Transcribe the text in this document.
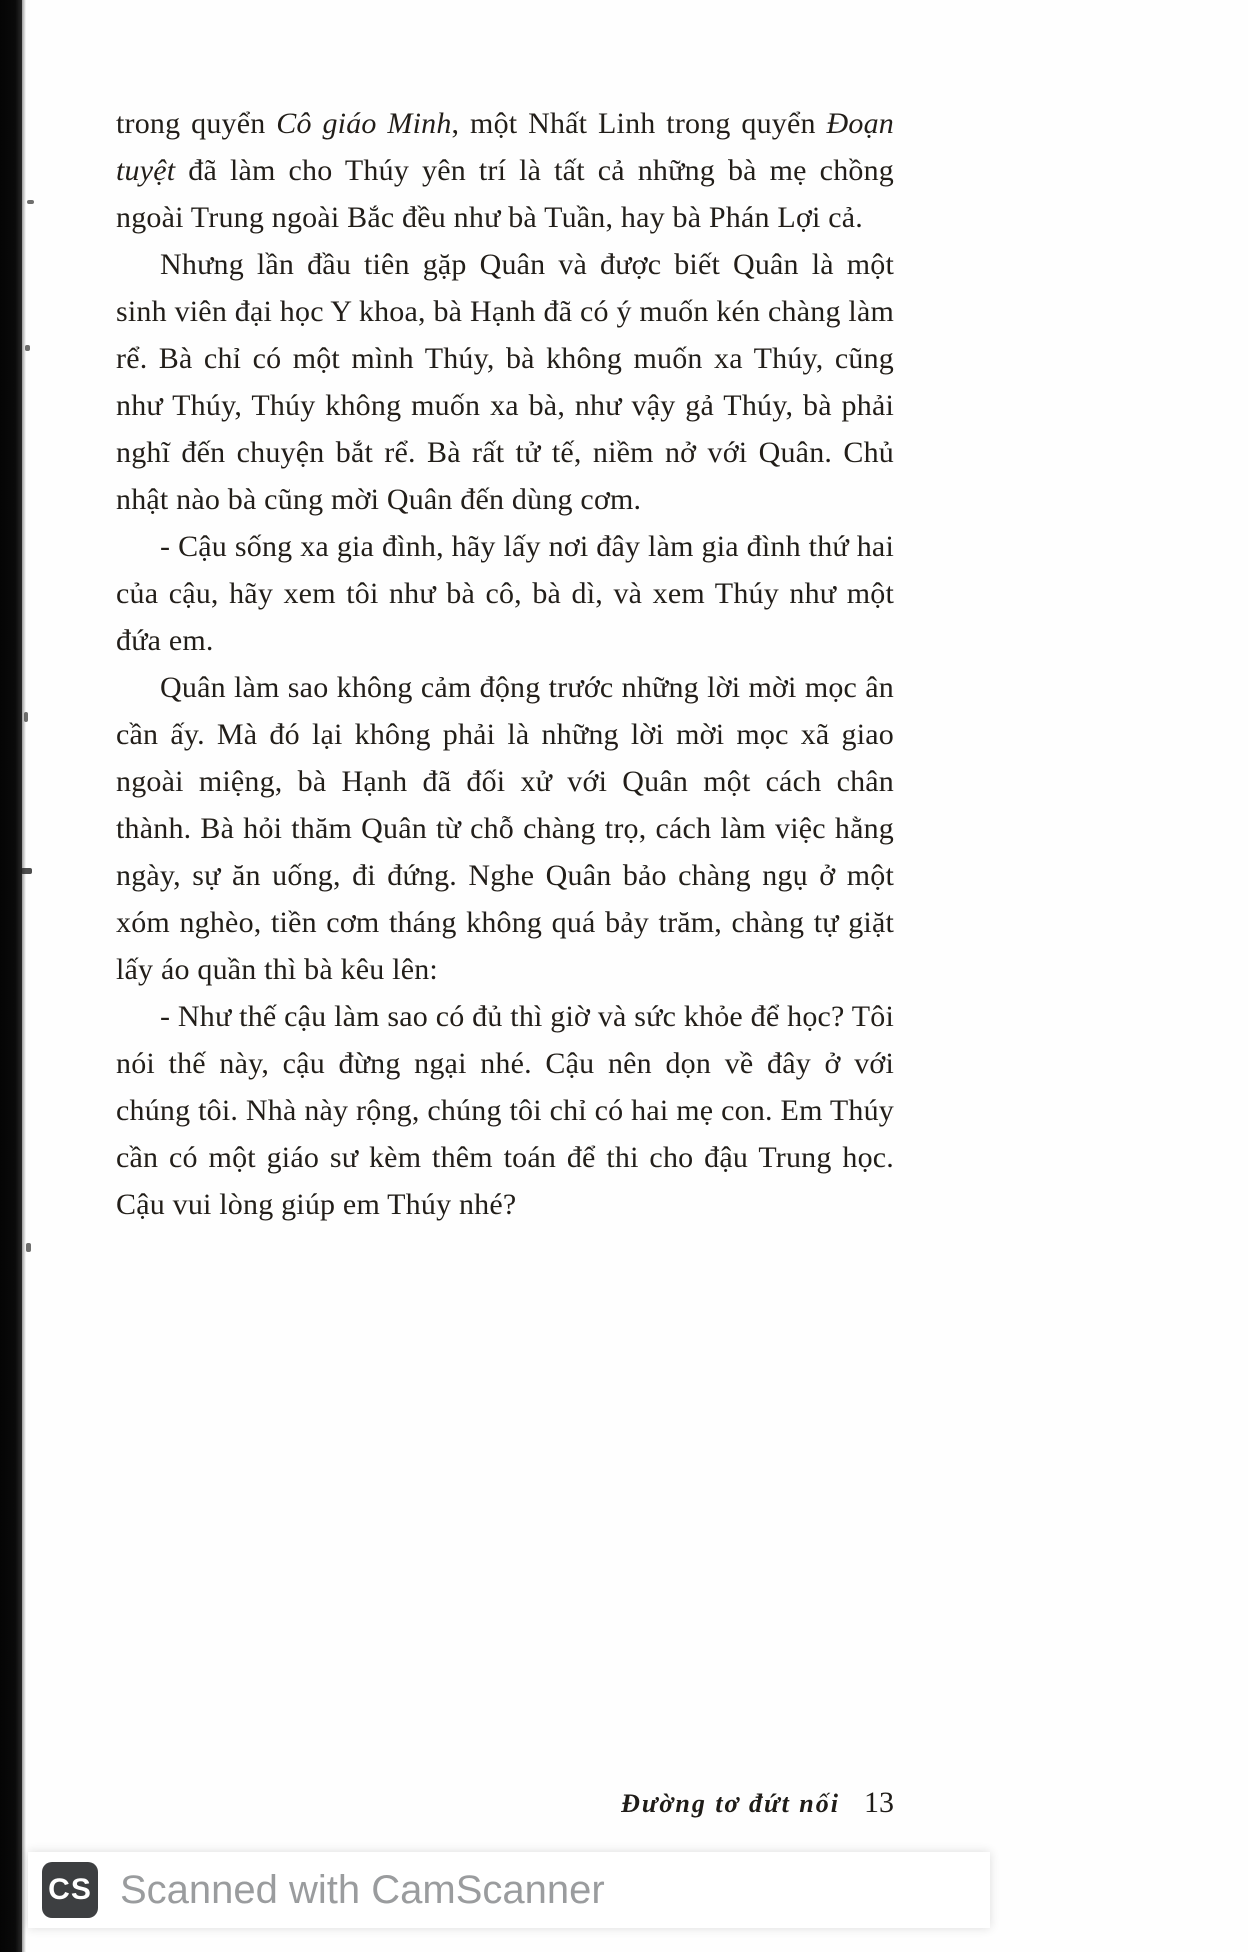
trong quyển Cô giáo Minh, một Nhất Linh trong quyển Đoạn tuyệt đã làm cho Thúy yên trí là tất cả những bà mẹ chồng ngoài Trung ngoài Bắc đều như bà Tuần, hay bà Phán Lợi cả.

Nhưng lần đầu tiên gặp Quân và được biết Quân là một sinh viên đại học Y khoa, bà Hạnh đã có ý muốn kén chàng làm rể. Bà chỉ có một mình Thúy, bà không muốn xa Thúy, cũng như Thúy, Thúy không muốn xa bà, như vậy gả Thúy, bà phải nghĩ đến chuyện bắt rể. Bà rất tử tế, niềm nở với Quân. Chủ nhật nào bà cũng mời Quân đến dùng cơm.

- Cậu sống xa gia đình, hãy lấy nơi đây làm gia đình thứ hai của cậu, hãy xem tôi như bà cô, bà dì, và xem Thúy như một đứa em.

Quân làm sao không cảm động trước những lời mời mọc ân cần ấy. Mà đó lại không phải là những lời mời mọc xã giao ngoài miệng, bà Hạnh đã đối xử với Quân một cách chân thành. Bà hỏi thăm Quân từ chỗ chàng trọ, cách làm việc hằng ngày, sự ăn uống, đi đứng. Nghe Quân bảo chàng ngụ ở một xóm nghèo, tiền cơm tháng không quá bảy trăm, chàng tự giặt lấy áo quần thì bà kêu lên:

- Như thế cậu làm sao có đủ thì giờ và sức khỏe để học? Tôi nói thế này, cậu đừng ngại nhé. Cậu nên dọn về đây ở với chúng tôi. Nhà này rộng, chúng tôi chỉ có hai mẹ con. Em Thúy cần có một giáo sư kèm thêm toán để thi cho đậu Trung học. Cậu vui lòng giúp em Thúy nhé?

Đường tơ đứt nối 13
CS Scanned with CamScanner
